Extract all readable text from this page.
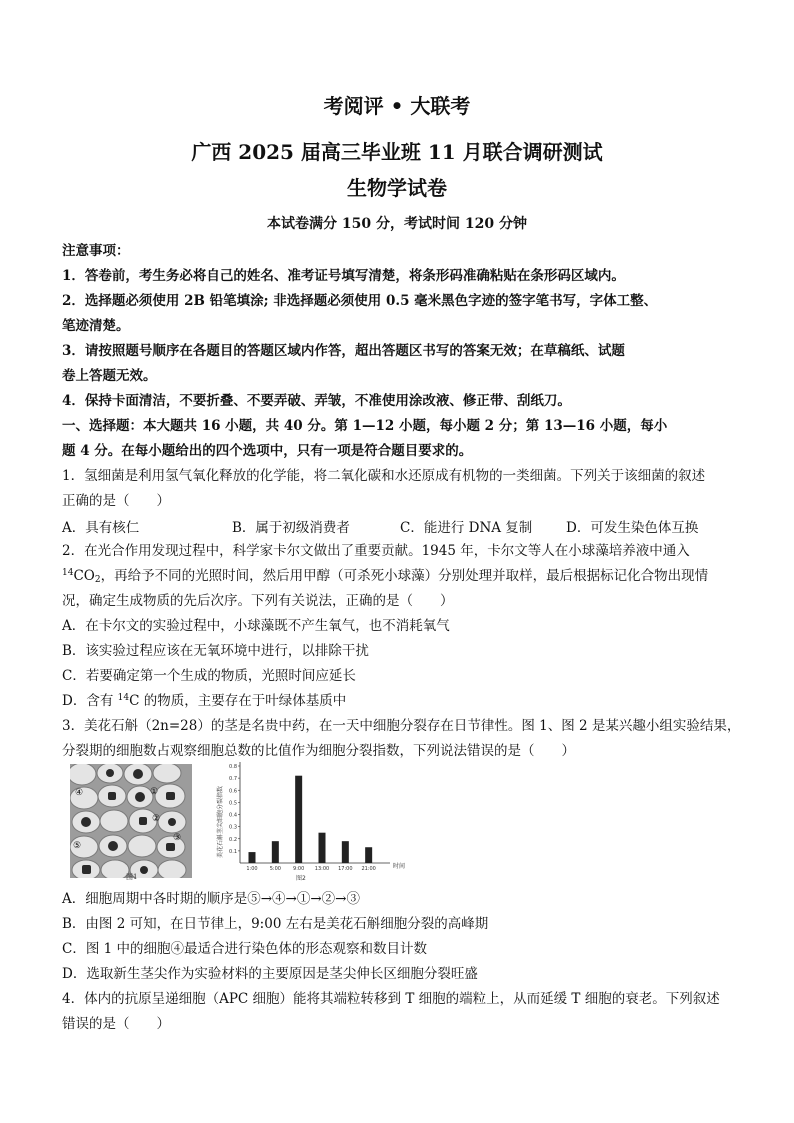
考阅评 • 大联考
广西 2025 届高三毕业班 11 月联合调研测试
生物学试卷
本试卷满分 150 分，考试时间 120 分钟
注意事项：
1．答卷前，考生务必将自己的姓名、准考证号填写清楚，将条形码准确粘贴在条形码区域内。
2．选择题必须使用 2B 铅笔填涂; 非选择题必须使用 0.5 毫米黑色字迹的签字笔书写，字体工整、
笔迹清楚。
3．请按照题号顺序在各题目的答题区域内作答，超出答题区书写的答案无效；在草稿纸、试题
卷上答题无效。
4．保持卡面清洁，不要折叠、不要弄破、弄皱，不准使用涂改液、修正带、刮纸刀。
一、选择题：本大题共 16 小题，共 40 分。第 1—12 小题，每小题 2 分；第 13—16 小题，每小
题 4 分。在每小题给出的四个选项中，只有一项是符合题目要求的。
1．氢细菌是利用氢气氧化释放的化学能，将二氧化碳和水还原成有机物的一类细菌。下列关于该细菌的叙述
正确的是（　　）
A．具有核仁	B．属于初级消费者	C．能进行 DNA 复制 D．可发生染色体互换
2．在光合作用发现过程中，科学家卡尔文做出了重要贡献。1945 年，卡尔文等人在小球藻培养液中通入
$^{14}CO_2$，再给予不同的光照时间，然后用甲醇（可杀死小球藻）分别处理并取样，最后根据标记化合物出现情
况，确定生成物质的先后次序。下列有关说法，正确的是（　　）
A．在卡尔文的实验过程中，小球藻既不产生氧气，也不消耗氧气
B．该实验过程应该在无氧环境中进行，以排除干扰
C．若要确定第一个生成的物质，光照时间应延长
D．含有 $^{14}$C 的物质，主要存在于叶绿体基质中
3．美花石斛（2n=28）的茎是名贵中药，在一天中细胞分裂存在日节律性。图 1、图 2 是某兴趣小组实验结果，
分裂期的细胞数占观察细胞总数的比值作为细胞分裂指数，下列说法错误的是（　　）
④	①
②
③
⑤
图1
美花石斛茎尖细胞分裂指数 0.1
0.2
0.3
0.4
0.5
0.6
0.7
0.8
1:00 5:00 9:00 13:00 17:00 21:00	时间
图2
A．细胞周期中各时期的顺序是⑤→④→①→②→③
B．由图 2 可知，在日节律上，9:00 左右是美花石斛细胞分裂的高峰期
C．图 1 中的细胞④最适合进行染色体的形态观察和数目计数
D．选取新生茎尖作为实验材料的主要原因是茎尖伸长区细胞分裂旺盛
4．体内的抗原呈递细胞（APC 细胞）能将其端粒转移到 T 细胞的端粒上，从而延缓 T 细胞的衰老。下列叙述
错误的是（　　）
